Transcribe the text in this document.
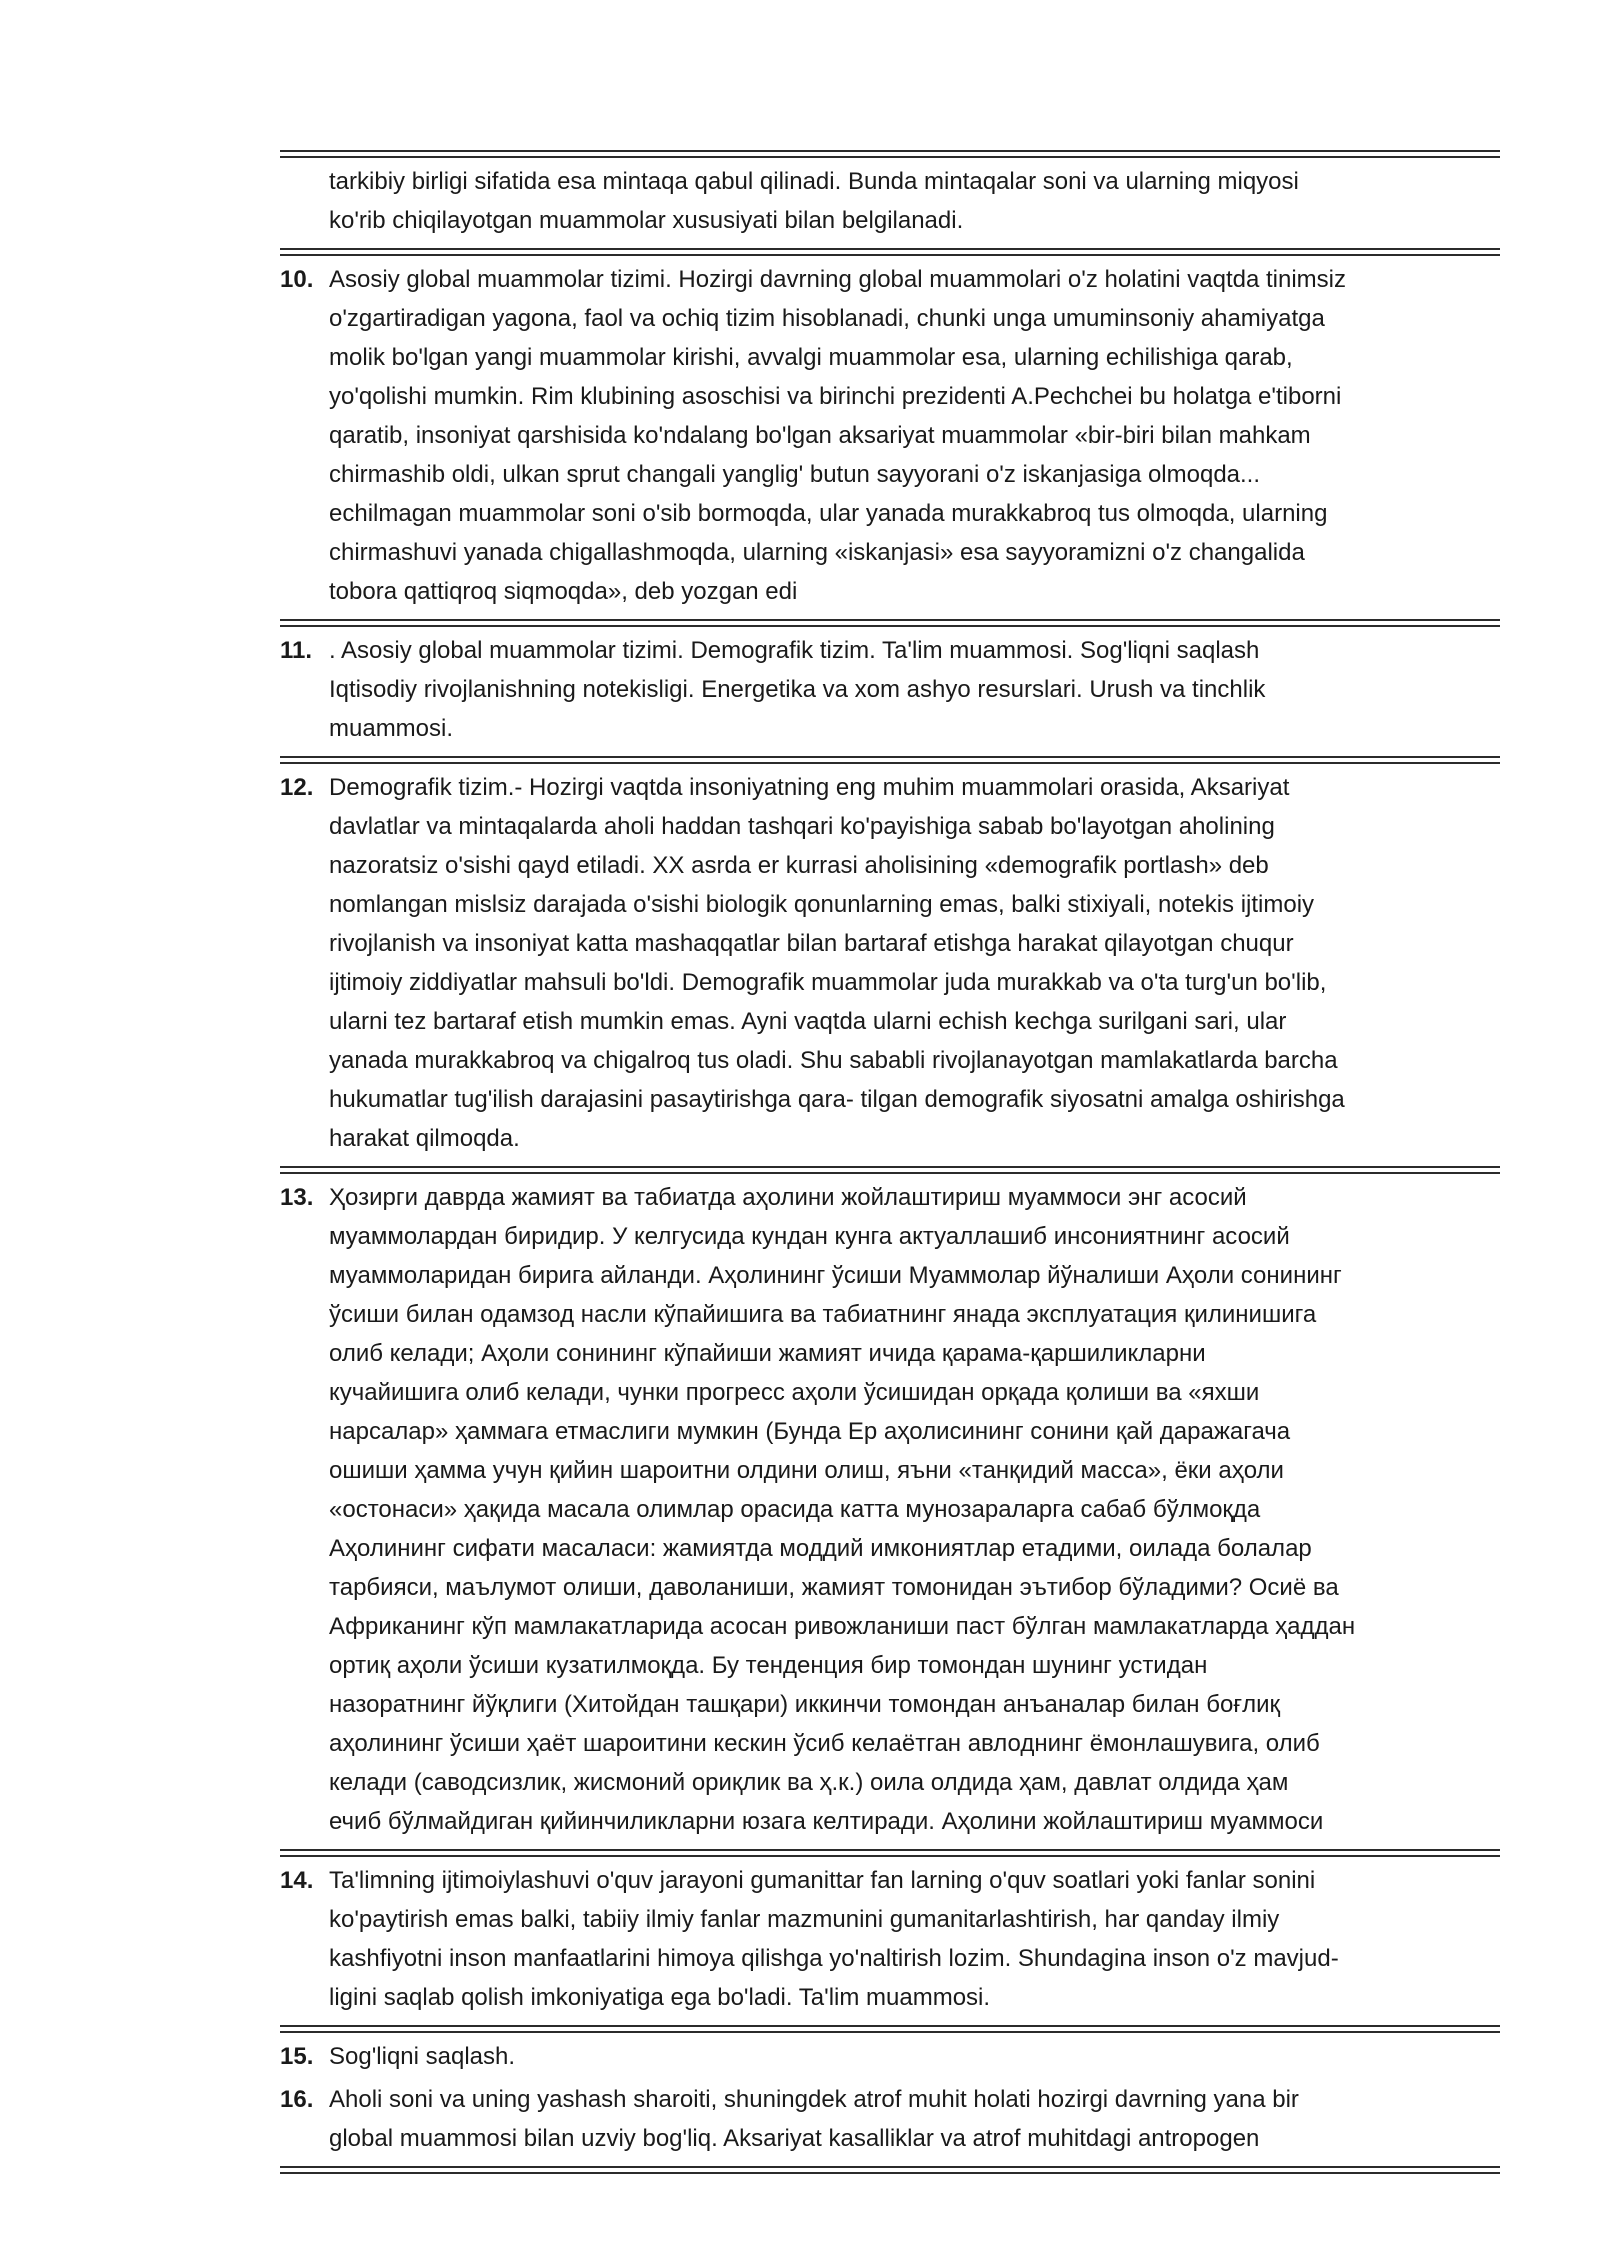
tarkibiy birligi sifatida esa mintaqa qabul qilinadi. Bunda mintaqalar soni va ularning miqyosi
ko'rib chiqilayotgan muammolar xususiyati bilan belgilanadi.
10. Asosiy global muammolar tizimi. Hozirgi davrning global muammolari o'z holatini vaqtda tinimsiz
o'zgartiradigan yagona, faol va ochiq tizim hisoblanadi, chunki unga umuminsoniy ahamiyatga
molik bo'lgan yangi muammolar kirishi, avvalgi muammolar esa, ularning echilishiga qarab,
yo'qolishi mumkin. Rim klubining asoschisi va birinchi prezidenti A.Pechchei bu holatga e'tiborni
qaratib, insoniyat qarshisida ko'ndalang bo'lgan aksariyat muammolar «bir-biri bilan mahkam
chirmashib oldi, ulkan sprut changali yanglig' butun sayyorani o'z iskanjasiga olmoqda...
echilmagan muammolar soni o'sib bormoqda, ular yanada murakkabroq tus olmoqda, ularning
chirmashuvi yanada chigallashmoqda, ularning «iskanjasi» esa sayyoramizni o'z changalida
tobora qattiqroq siqmoqda», deb yozgan edi
11. . Asosiy global muammolar tizimi. Demografik tizim. Ta'lim muammosi. Sog'liqni saqlash
Iqtisodiy rivojlanishning notekisligi. Energetika va xom ashyo resurslari. Urush va tinchlik
muammosi.
12. Demografik tizim.- Hozirgi vaqtda insoniyatning eng muhim muammolari orasida, Aksariyat
davlatlar va mintaqalarda aholi haddan tashqari ko'payishiga sabab bo'layotgan aholining
nazoratsiz o'sishi qayd etiladi. XX asrda er kurrasi aholisining «demografik portlash» deb
nomlangan mislsiz darajada o'sishi biologik qonunlarning emas, balki stixiyali, notekis ijtimoiy
rivojlanish va insoniyat katta mashaqqatlar bilan bartaraf etishga harakat qilayotgan chuqur
ijtimoiy ziddiyatlar mahsuli bo'ldi. Demografik muammolar juda murakkab va o'ta turg'un bo'lib,
ularni tez bartaraf etish mumkin emas. Ayni vaqtda ularni echish kechga surilgani sari, ular
yanada murakkabroq va chigalroq tus oladi. Shu sababli rivojlanayotgan mamlakatlarda barcha
hukumatlar tug'ilish darajasini pasaytirishga qara- tilgan demografik siyosatni amalga oshirishga
harakat qilmoqda.
13. Ҳозирги даврда жамият ва табиатда аҳолини жойлаштириш муаммоси энг асосий
муаммолардан биридир. У келгусида кундан кунга актуаллашиб инсониятнинг асосий
муаммоларидан бирига айланди. Аҳолининг ўсиши Муаммолар йўналиши Аҳоли сонининг
ўсиши билан одамзод насли кўпайишига ва табиатнинг янада эксплуатация қилинишига
олиб келади; Аҳоли сонининг кўпайиши жамият ичида қарама-қаршиликларни
кучайишига олиб келади, чунки прогресс аҳоли ўсишидан орқада қолиши ва «яхши
нарсалар» ҳаммага етмаслиги мумкин (Бунда Ер аҳолисининг сонини қай даражагача
ошиши ҳамма учун қийин шароитни олдини олиш, яъни «танқидий масса», ёки аҳоли
«остонаси» ҳақида масала олимлар орасида катта мунозараларга сабаб бўлмоқда
Аҳолининг сифати масаласи: жамиятда моддий имкониятлар етадими, оилада болалар
тарбияси, маълумот олиши, даволаниши, жамият томонидан эътибор бўладими? Осиё ва
Африканинг кўп мамлакатларида асосан ривожланиши паст бўлган мамлакатларда ҳаддан
ортиқ аҳоли ўсиши кузатилмоқда. Бу тенденция бир томондан шунинг устидан
назоратнинг йўқлиги (Хитойдан ташқари) иккинчи томондан анъаналар билан боғлиқ
аҳолининг ўсиши ҳаёт шароитини кескин ўсиб келаётган авлоднинг ёмонлашувига, олиб
келади (саводсизлик, жисмоний ориқлик ва ҳ.к.) оила олдида ҳам, давлат олдида ҳам
ечиб бўлмайдиган қийинчиликларни юзага келтиради. Аҳолини жойлаштириш муаммоси
14. Ta'limning ijtimoiylashuvi o'quv jarayoni gumanittar fan larning o'quv soatlari yoki fanlar sonini
ko'paytirish emas balki, tabiiy ilmiy fanlar mazmunini gumanitarlashtirish, har qanday ilmiy
kashfiyotni inson manfaatlarini himoya qilishga yo'naltirish lozim. Shundagina inson o'z mavjud-
ligini saqlab qolish imkoniyatiga ega bo'ladi. Ta'lim muammosi.
15. Sog'liqni saqlash.
16. Aholi soni va uning yashash sharoiti, shuningdek atrof muhit holati hozirgi davrning yana bir
global muammosi bilan uzviy bog'liq. Aksariyat kasalliklar va atrof muhitdagi antropogen
